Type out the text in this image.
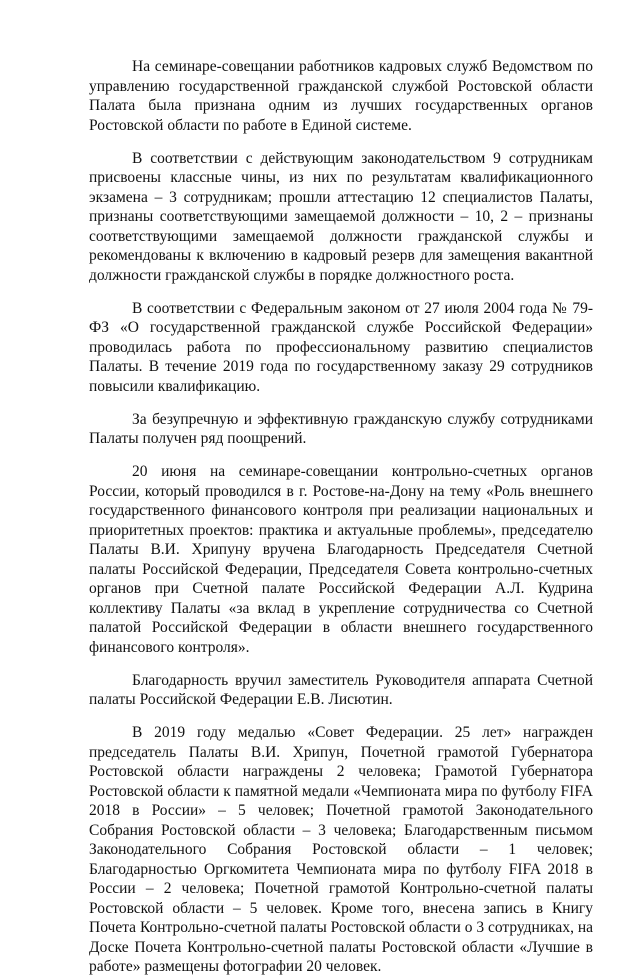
На семинаре-совещании работников кадровых служб Ведомством по управлению государственной гражданской службой Ростовской области Палата была признана одним из лучших государственных органов Ростовской области по работе в Единой системе.

В соответствии с действующим законодательством 9 сотрудникам присвоены классные чины, из них по результатам квалификационного экзамена – 3 сотрудникам; прошли аттестацию 12 специалистов Палаты, признаны соответствующими замещаемой должности – 10, 2 – признаны соответствующими замещаемой должности гражданской службы и рекомендованы к включению в кадровый резерв для замещения вакантной должности гражданской службы в порядке должностного роста.

В соответствии с Федеральным законом от 27 июля 2004 года № 79-ФЗ «О государственной гражданской службе Российской Федерации» проводилась работа по профессиональному развитию специалистов Палаты. В течение 2019 года по государственному заказу 29 сотрудников повысили квалификацию.

За безупречную и эффективную гражданскую службу сотрудниками Палаты получен ряд поощрений.

20 июня на семинаре-совещании контрольно-счетных органов России, который проводился в г. Ростове-на-Дону на тему «Роль внешнего государственного финансового контроля при реализации национальных и приоритетных проектов: практика и актуальные проблемы», председателю Палаты В.И. Хрипуну вручена Благодарность Председателя Счетной палаты Российской Федерации, Председателя Совета контрольно-счетных органов при Счетной палате Российской Федерации А.Л. Кудрина коллективу Палаты «за вклад в укрепление сотрудничества со Счетной палатой Российской Федерации в области внешнего государственного финансового контроля».

Благодарность вручил заместитель Руководителя аппарата Счетной палаты Российской Федерации Е.В. Лисютин.

В 2019 году медалью «Совет Федерации. 25 лет» награжден председатель Палаты В.И. Хрипун, Почетной грамотой Губернатора Ростовской области награждены 2 человека; Грамотой Губернатора Ростовской области к памятной медали «Чемпионата мира по футболу FIFA 2018 в России» – 5 человек; Почетной грамотой Законодательного Собрания Ростовской области – 3 человека; Благодарственным письмом Законодательного Собрания Ростовской области – 1 человек; Благодарностью Оргкомитета Чемпионата мира по футболу FIFA 2018 в России – 2 человека; Почетной грамотой Контрольно-счетной палаты Ростовской области – 5 человек. Кроме того, внесена запись в Книгу Почета Контрольно-счетной палаты Ростовской области о 3 сотрудниках, на Доске Почета Контрольно-счетной палаты Ростовской области «Лучшие в работе» размещены фотографии 20 человек.
